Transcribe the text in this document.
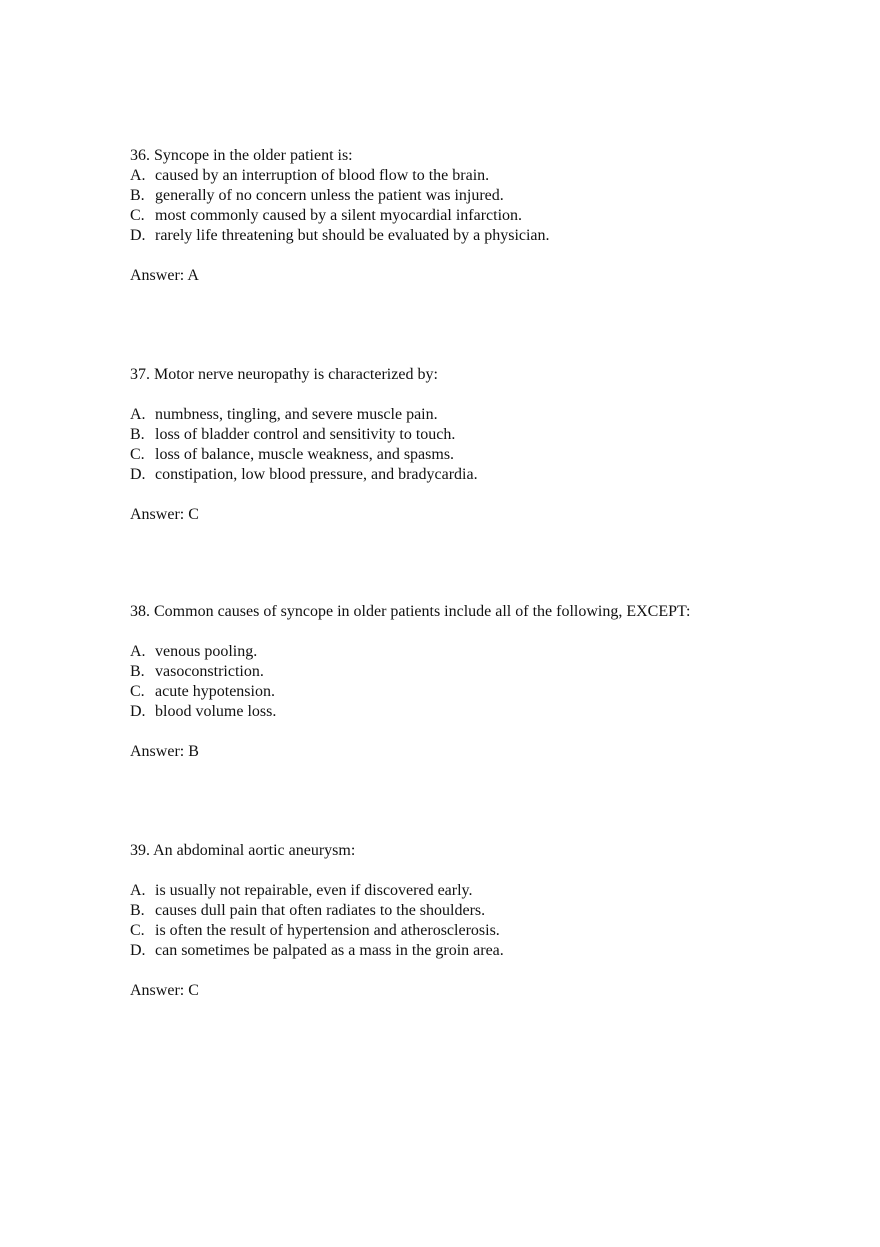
36. Syncope in the older patient is:
A. caused by an interruption of blood flow to the brain.
B. generally of no concern unless the patient was injured.
C. most commonly caused by a silent myocardial infarction.
D. rarely life threatening but should be evaluated by a physician.
Answer: A
37. Motor nerve neuropathy is characterized by:
A. numbness, tingling, and severe muscle pain.
B. loss of bladder control and sensitivity to touch.
C. loss of balance, muscle weakness, and spasms.
D. constipation, low blood pressure, and bradycardia.
Answer: C
38. Common causes of syncope in older patients include all of the following, EXCEPT:
A. venous pooling.
B. vasoconstriction.
C. acute hypotension.
D. blood volume loss.
Answer: B
39. An abdominal aortic aneurysm:
A. is usually not repairable, even if discovered early.
B. causes dull pain that often radiates to the shoulders.
C. is often the result of hypertension and atherosclerosis.
D. can sometimes be palpated as a mass in the groin area.
Answer: C
